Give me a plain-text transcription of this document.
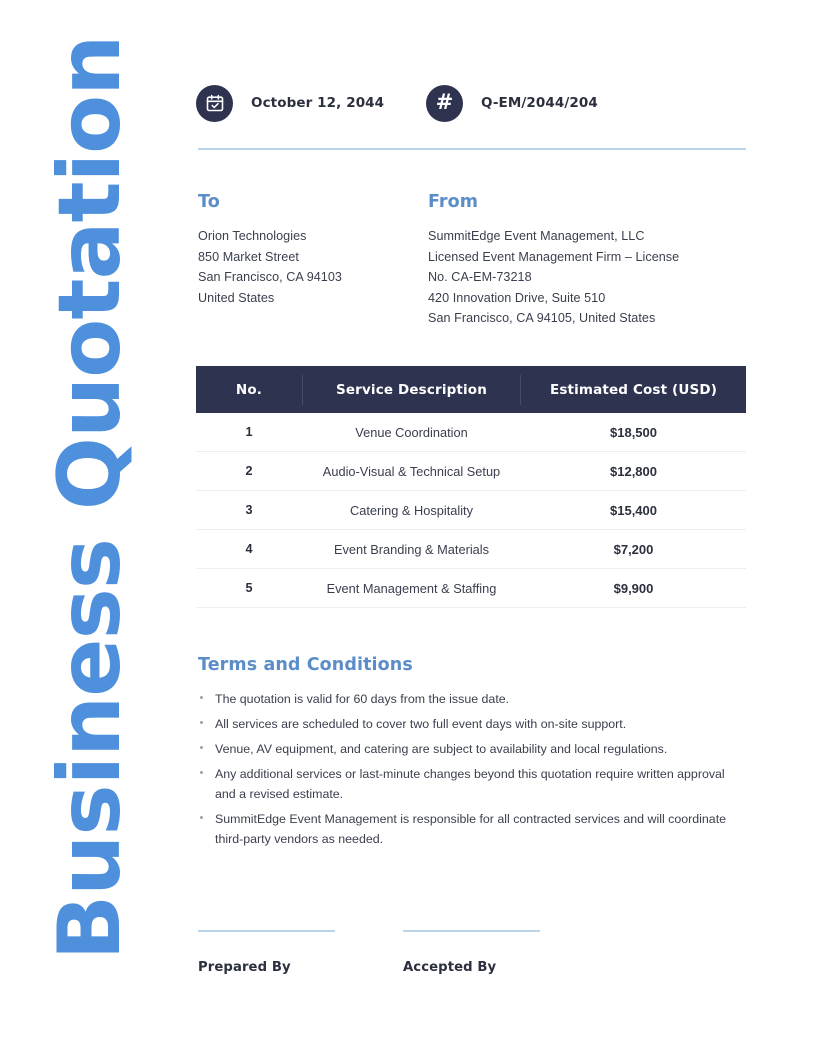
Business Quotation	October 12, 2044 # Q-EM/2044/204
To
Orion Technologies
850 Market Street
San Francisco, CA 94103
United States
From
SummitEdge Event Management, LLC
Licensed Event Management Firm – License
No. CA-EM-73218
420 Innovation Drive, Suite 510
San Francisco, CA 94105, United States
No.	Service Description	Estimated Cost (USD)
1	Venue Coordination	$18,500
2	Audio-Visual & Technical Setup	$12,800
3	Catering & Hospitality	$15,400
4	Event Branding & Materials	$7,200
5	Event Management & Staffing	$9,900
Terms and Conditions
The quotation is valid for 60 days from the issue date.
All services are scheduled to cover two full event days with on-site support.
Venue, AV equipment, and catering are subject to availability and local regulations.
Any additional services or last-minute changes beyond this quotation require written approval and a revised estimate.
SummitEdge Event Management is responsible for all contracted services and will coordinate third-party vendors as needed.
Prepared By	Accepted By
